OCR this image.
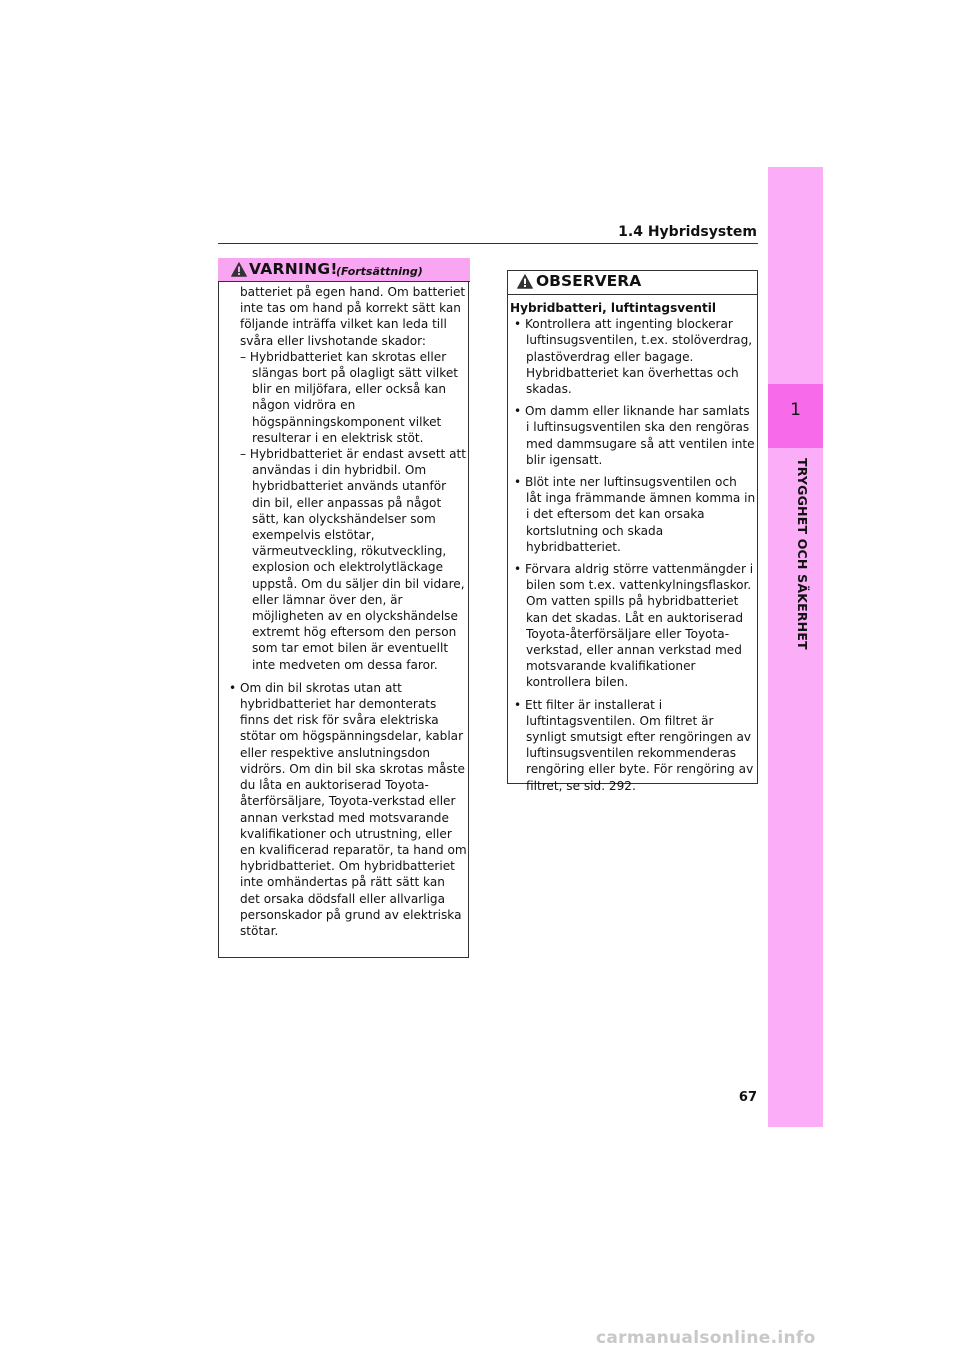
1.4 Hybridsystem
1
TRYGGHET OCH SÄKERHET
VARNING!
(Fortsättning)

batteriet på egen hand. Om batteriet inte tas om hand på korrekt sätt kan följande inträffa vilket kan leda till svåra eller livshotande skador:

– Hybridbatteriet kan skrotas eller slängas bort på olagligt sätt vilket blir en miljöfara, eller också kan någon vidröra en högspänningskomponent vilket resulterar i en elektrisk stöt.

– Hybridbatteriet är endast avsett att användas i din hybridbil. Om hybridbatteriet används utanför din bil, eller anpassas på något sätt, kan olyckshändelser som exempelvis elstötar, värmeutveckling, rökutveckling, explosion och elektrolytläckage uppstå. Om du säljer din bil vidare, eller lämnar över den, är möjligheten av en olyckshändelse extremt hög eftersom den person som tar emot bilen är eventuellt inte medveten om dessa faror.

• Om din bil skrotas utan att hybridbatteriet har demonterats finns det risk för svåra elektriska stötar om högspänningsdelar, kablar eller respektive anslutningsdon vidrörs. Om din bil ska skrotas måste du låta en auktoriserad Toyota-återförsäljare, Toyota-verkstad eller annan verkstad med motsvarande kvalifikationer och utrustning, eller en kvalificerad reparatör, ta hand om hybridbatteriet. Om hybridbatteriet inte omhändertas på rätt sätt kan det orsaka dödsfall eller allvarliga personskador på grund av elektriska stötar.

OBSERVERA

Hybridbatteri, luftintagsventil

• Kontrollera att ingenting blockerar luftinsugsventilen, t.ex. stolöverdrag, plastöverdrag eller bagage. Hybridbatteriet kan överhettas och skadas.

• Om damm eller liknande har samlats i luftinsugsventilen ska den rengöras med dammsugare så att ventilen inte blir igensatt.

• Blöt inte ner luftinsugsventilen och låt inga främmande ämnen komma in i det eftersom det kan orsaka kortslutning och skada hybridbatteriet.

• Förvara aldrig större vattenmängder i bilen som t.ex. vattenkylningsflaskor. Om vatten spills på hybridbatteriet kan det skadas. Låt en auktoriserad Toyota-återförsäljare eller Toyota-verkstad, eller annan verkstad med motsvarande kvalifikationer kontrollera bilen.

• Ett filter är installerat i luftintagsventilen. Om filtret är synligt smutsigt efter rengöringen av luftinsugsventilen rekommenderas rengöring eller byte. För rengöring av filtret, se sid. 292.

67
carmanualsonline.info
